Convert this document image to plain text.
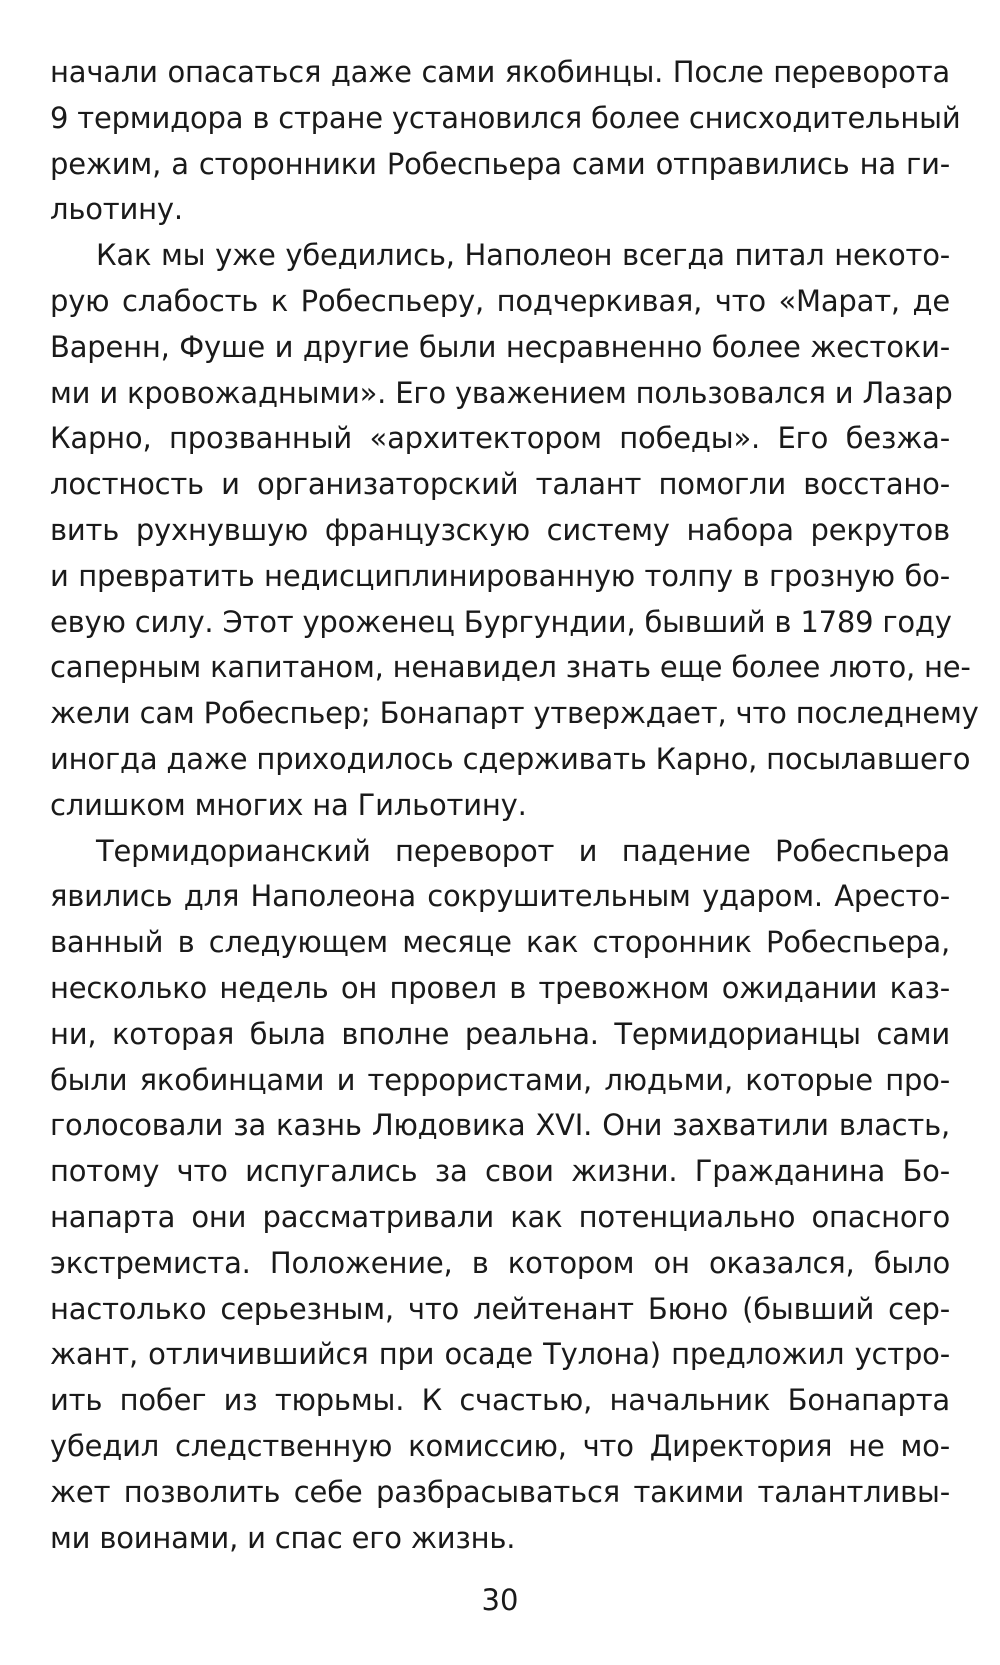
начали опасаться даже сами якобинцы. После переворота
9 термидора в стране установился более снисходительный
режим, а сторонники Робеспьера сами отправились на ги-
льотину.
Как мы уже убедились, Наполеон всегда питал некото-
рую слабость к Робеспьеру, подчеркивая, что «Марат, де
Варенн, Фуше и другие были несравненно более жестоки-
ми и кровожадными». Его уважением пользовался и Лазар
Карно, прозванный «архитектором победы». Его безжа-
лостность и организаторский талант помогли восстано-
вить рухнувшую французскую систему набора рекрутов
и превратить недисциплинированную толпу в грозную бо-
евую силу. Этот уроженец Бургундии, бывший в 1789 году
саперным капитаном, ненавидел знать еще более люто, не-
жели сам Робеспьер; Бонапарт утверждает, что последнему
иногда даже приходилось сдерживать Карно, посылавшего
слишком многих на Гильотину.
Термидорианский переворот и падение Робеспьера
явились для Наполеона сокрушительным ударом. Аресто-
ванный в следующем месяце как сторонник Робеспьера,
несколько недель он провел в тревожном ожидании каз-
ни, которая была вполне реальна. Термидорианцы сами
были якобинцами и террористами, людьми, которые про-
голосовали за казнь Людовика XVI. Они захватили власть,
потому что испугались за свои жизни. Гражданина Бо-
напарта они рассматривали как потенциально опасного
экстремиста. Положение, в котором он оказался, было
настолько серьезным, что лейтенант Бюно (бывший сер-
жант, отличившийся при осаде Тулона) предложил устро-
ить побег из тюрьмы. К счастью, начальник Бонапарта
убедил следственную комиссию, что Директория не мо-
жет позволить себе разбрасываться такими талантливы-
ми воинами, и спас его жизнь.
30
